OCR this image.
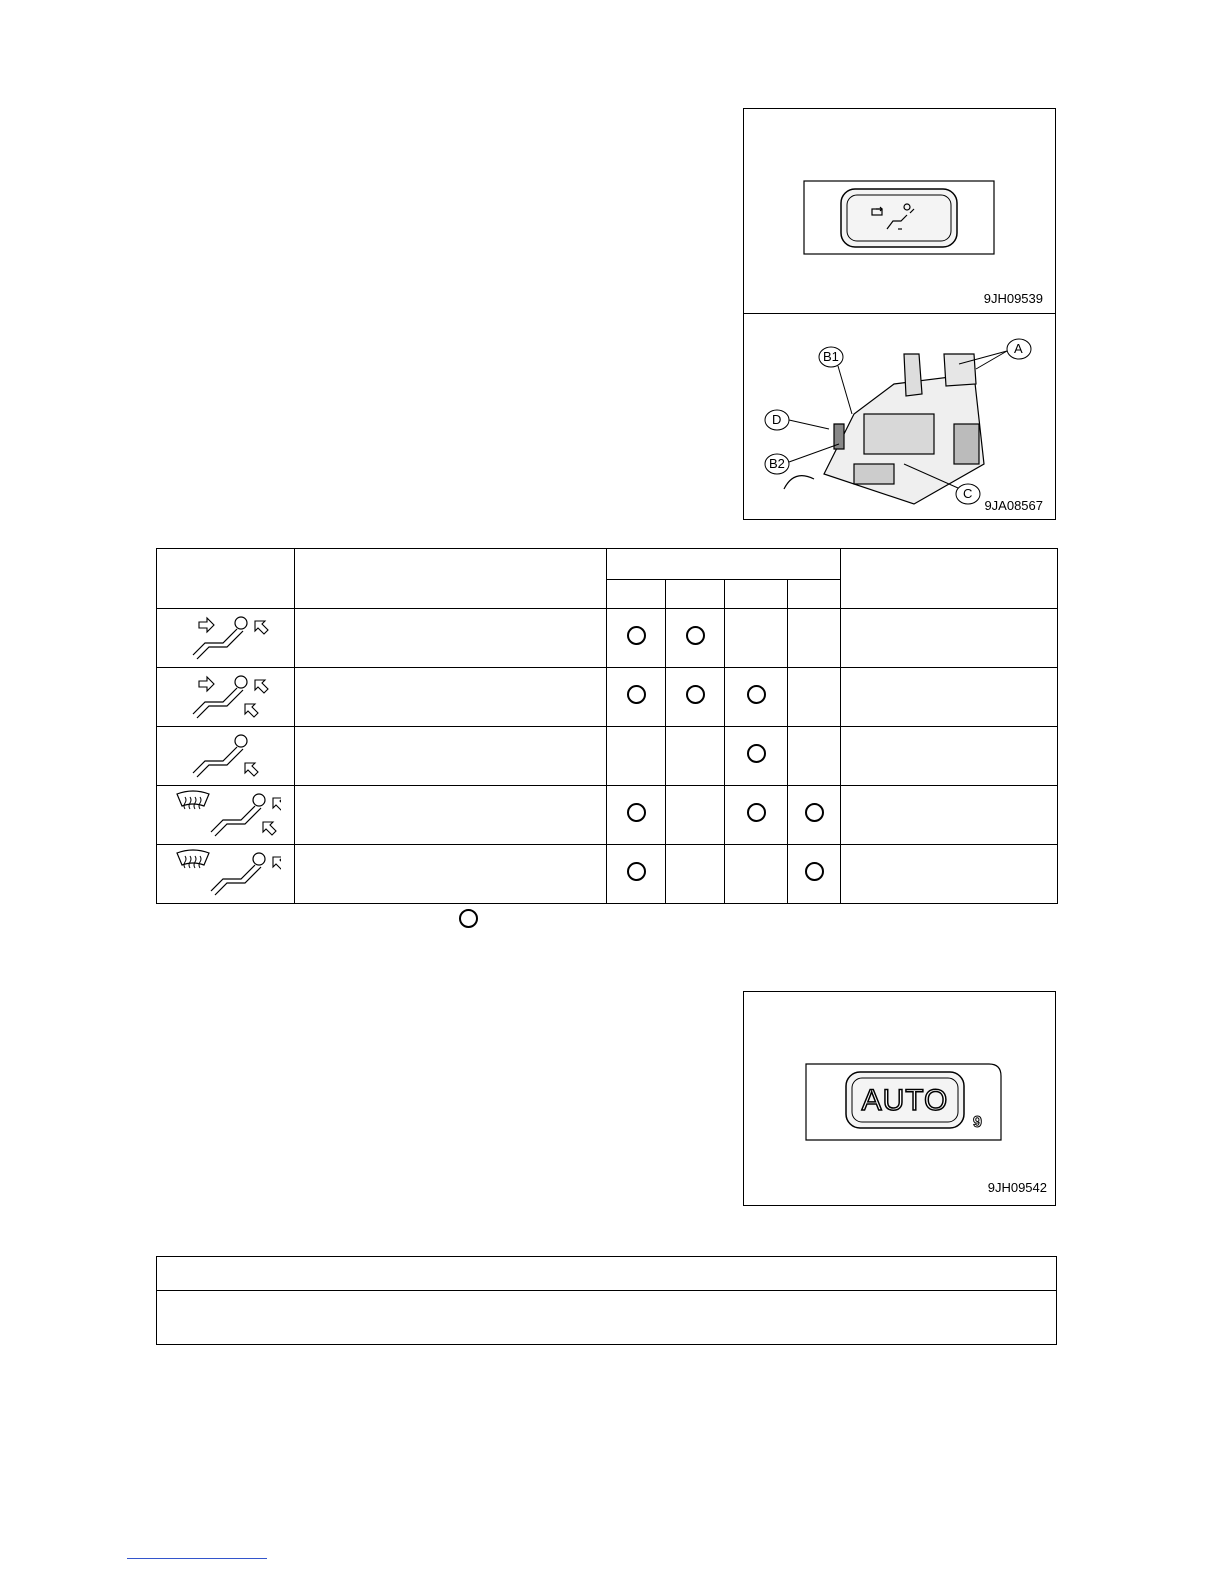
9JH09539
A
B1
D
B2
C
9JA08567

AUTO
9
9JH09542
